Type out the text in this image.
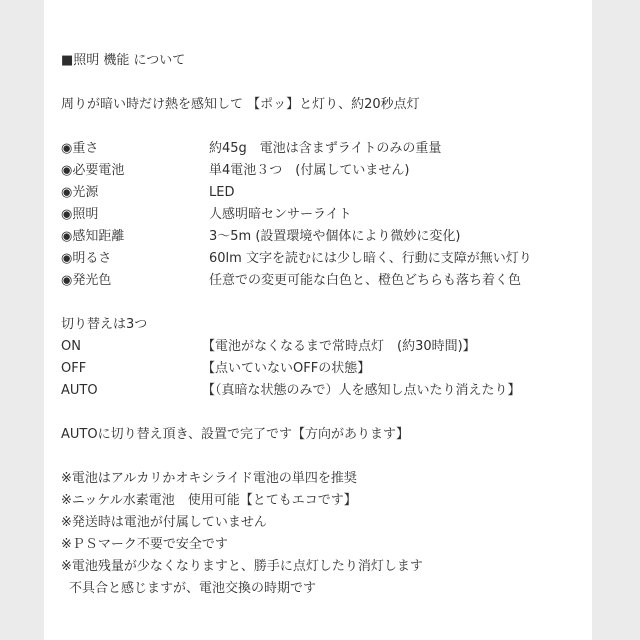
■照明 機能 について
周りが暗い時だけ熱を感知して 【ポッ】と灯り、約20秒点灯
◉重さ	約45g　電池は含まずライトのみの重量
◉必要電池	単4電池３つ　(付属していません)
◉光源	LED
◉照明	人感明暗センサーライト
◉感知距離	3〜5m (設置環境や個体により微妙に変化)
◉明るさ	60lm 文字を読むには少し暗く、行動に支障が無い灯り
◉発光色	任意での変更可能な白色と、橙色どちらも落ち着く色
切り替えは3つ
ON	【電池がなくなるまで常時点灯　(約30時間)】
OFF	【点いていないOFFの状態】
AUTO	【（真暗な状態のみで）人を感知し点いたり消えたり】
AUTOに切り替え頂き、設置で完了です【方向があります】
※電池はアルカリかオキシライド電池の単四を推奨
※ニッケル水素電池　使用可能【とてもエコです】
※発送時は電池が付属していません
※ＰＳマーク不要で安全です
※電池残量が少なくなりますと、勝手に点灯したり消灯します
不具合と感じますが、電池交換の時期です
